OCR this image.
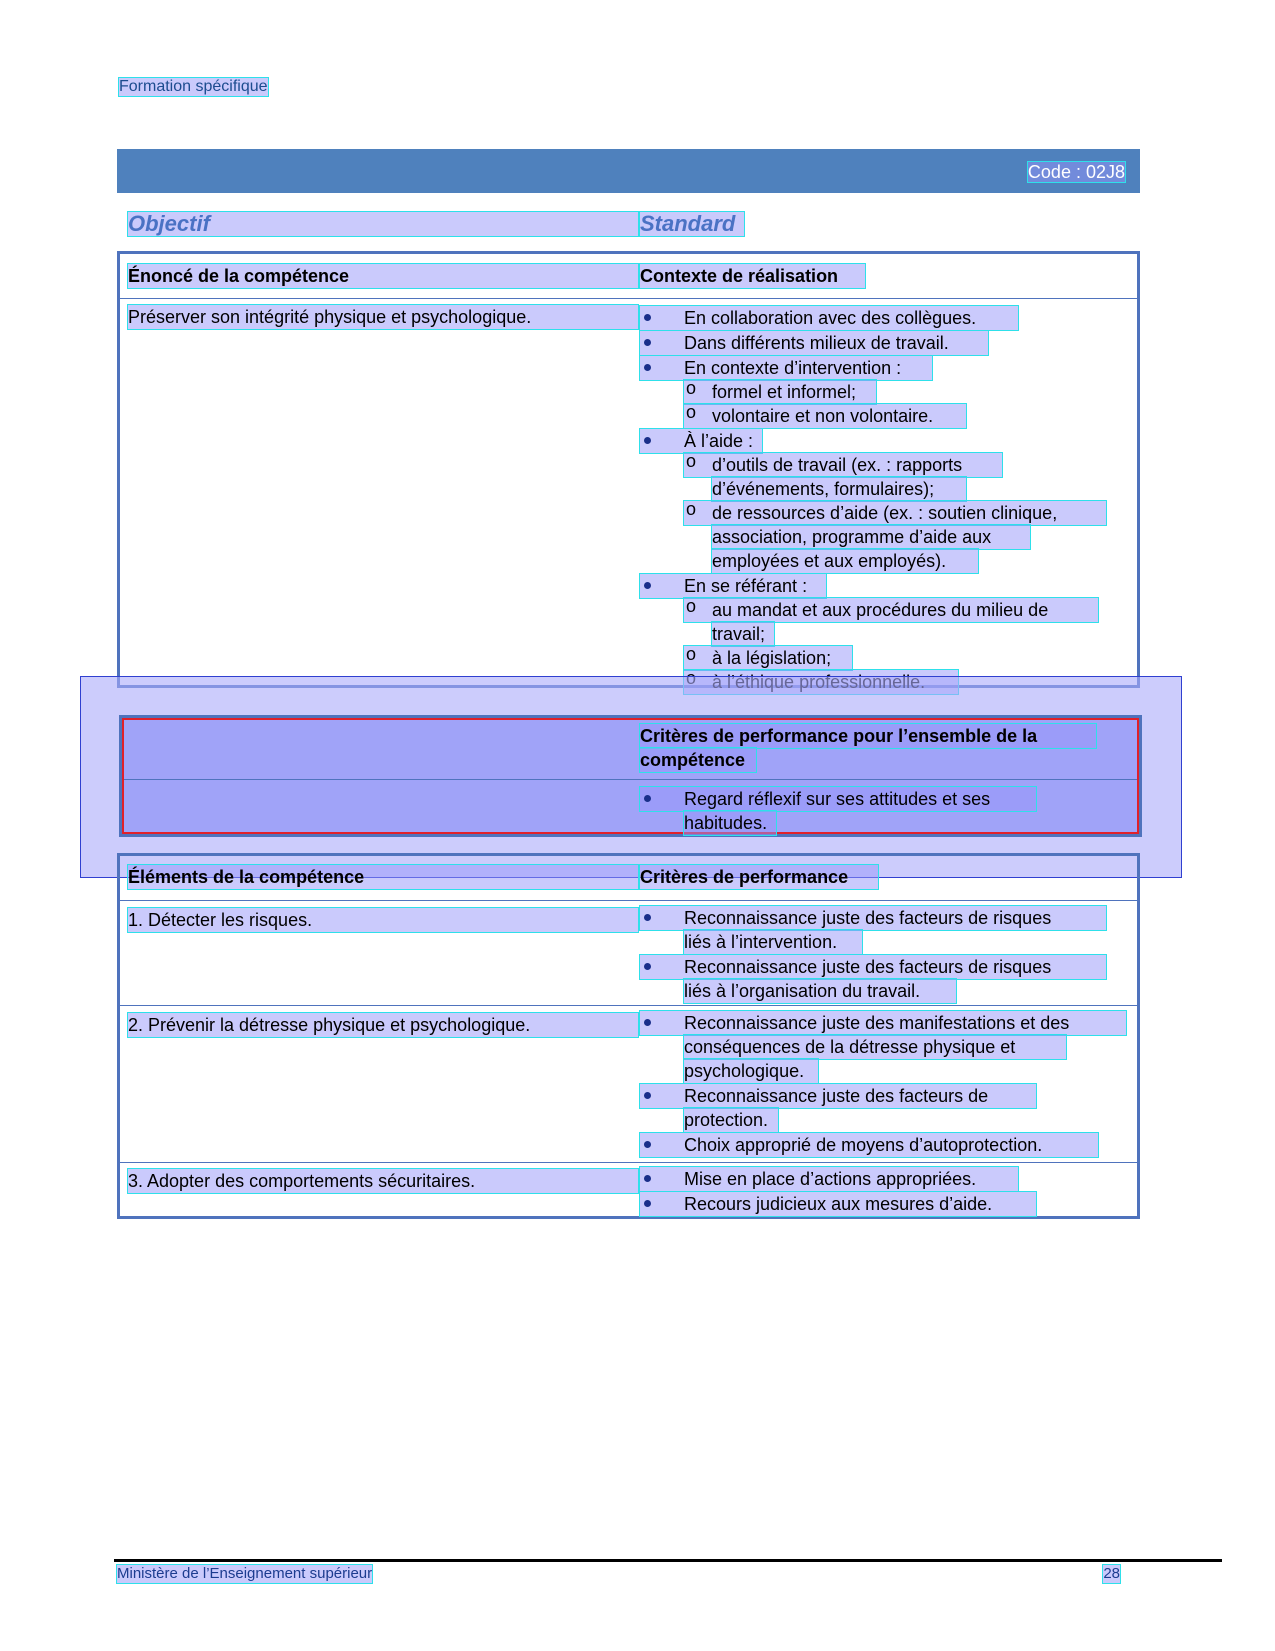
Formation spécifique
Code : 02J8
Objectif	Standard
Énoncé de la compétence	Contexte de réalisation
Préserver son intégrité physique et psychologique.	En collaboration avec des collègues.
Dans différents milieux de travail.
En contexte d’intervention :
o
formel et informel;
o
volontaire et non volontaire.
À l’aide :
o
d’outils de travail (ex. : rapports
d’événements, formulaires);
o
de ressources d’aide (ex. : soutien clinique,
association, programme d’aide aux
employées et aux employés).
En se référant :
o
au mandat et aux procédures du milieu de
travail;
o
à la législation;
o
Critères de performance pour l’ensemble de la
compétence
Regard réflexif sur ses attitudes et ses
habitudes.
Éléments de la compétence	Critères de performance
1. Détecter les risques.	Reconnaissance juste des facteurs de risques
liés à l’intervention.
Reconnaissance juste des facteurs de risques
liés à l’organisation du travail.
2. Prévenir la détresse physique et psychologique.	Reconnaissance juste des manifestations et des
conséquences de la détresse physique et
psychologique.
Reconnaissance juste des facteurs de
protection.
Choix approprié de moyens d’autoprotection.
3. Adopter des comportements sécuritaires.	Mise en place d’actions appropriées.
Recours judicieux aux mesures d’aide.
Ministère de l’Enseignement supérieur	28
